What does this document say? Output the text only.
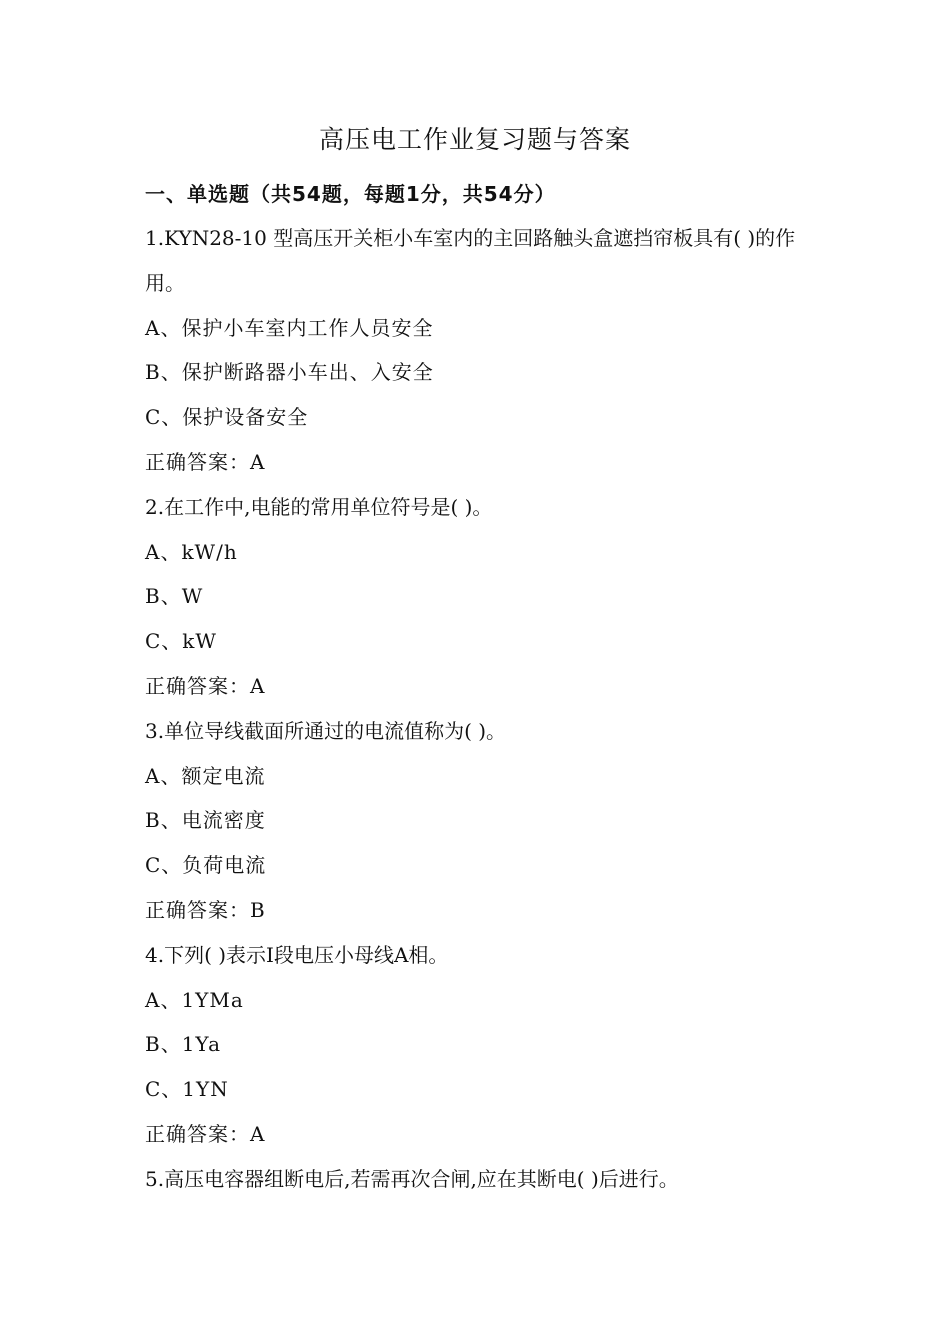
高压电工作业复习题与答案
一、单选题（共54题，每题1分，共54分）
1.KYN28-10 型高压开关柜小车室内的主回路触头盒遮挡帘板具有( )的作用。
A、保护小车室内工作人员安全
B、保护断路器小车出、入安全
C、保护设备安全
正确答案：A
2.在工作中,电能的常用单位符号是( )。
A、kW/h
B、W
C、kW
正确答案：A
3.单位导线截面所通过的电流值称为( )。
A、额定电流
B、电流密度
C、负荷电流
正确答案：B
4.下列( )表示Ⅰ段电压小母线A相。
A、1YMa
B、1Ya
C、1YN
正确答案：A
5.高压电容器组断电后,若需再次合闸,应在其断电( )后进行。
